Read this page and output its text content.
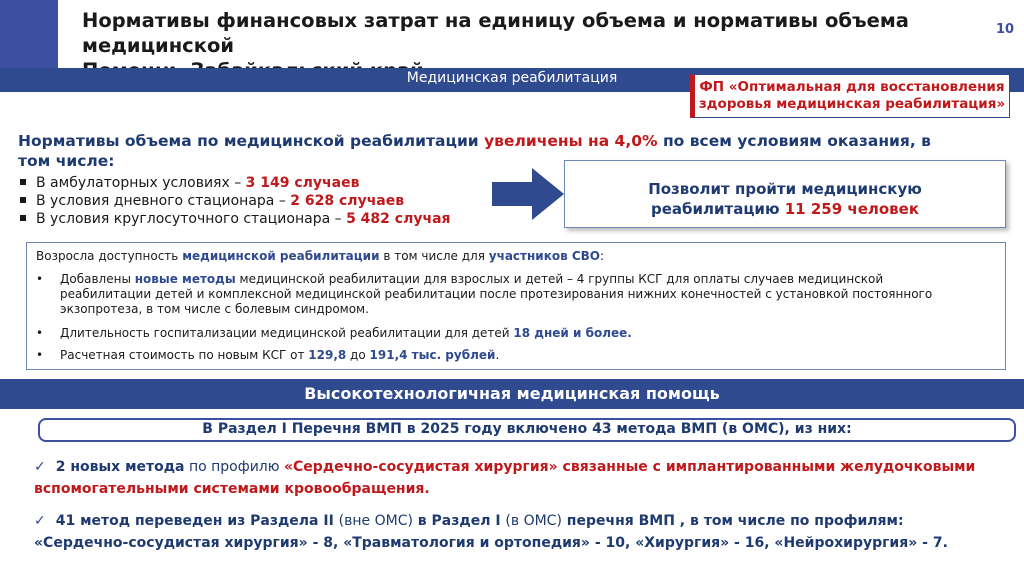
Нормативы финансовых затрат на единицу объема и нормативы объема медицинской
10
Медицинская реабилитация
ФП «Оптимальная для восстановления
здоровья медицинская реабилитация»
Нормативы объема по медицинской реабилитации увеличены на 4,0% по всем условиям оказания, в
том числе:
В амбулаторных условиях – 3 149 случаев
В условия дневного стационара – 2 628 случаев
В условия круглосуточного стационара – 5 482 случая
Позволит пройти медицинскую
реабилитацию 11 259 человек
Возросла доступность медицинской реабилитации в том числе для участников СВО:
• Добавлены новые методы медицинской реабилитации для взрослых и детей – 4 группы КСГ для оплаты случаев медицинской
реабилитации детей и комплексной медицинской реабилитации после протезирования нижних конечностей с установкой постоянного
экзопротеза, в том числе с болевым синдромом.
• Длительность госпитализации медицинской реабилитации для детей 18 дней и более.
• Расчетная стоимость по новым КСГ от 129,8 до 191,4 тыс. рублей.
Высокотехнологичная медицинская помощь
В Раздел I Перечня ВМП в 2025 году включено 43 метода ВМП (в ОМС), из них:
✓ 2 новых метода по профилю «Сердечно-сосудистая хирургия» связанные с имплантированными желудочковыми
вспомогательными системами кровообращения.
✓ 41 метод переведен из Раздела II (вне ОМС) в Раздел I (в ОМС) перечня ВМП , в том числе по профилям:
«Сердечно-сосудистая хирургия» - 8, «Травматология и ортопедия» - 10, «Хирургия» - 16, «Нейрохирургия» - 7.
